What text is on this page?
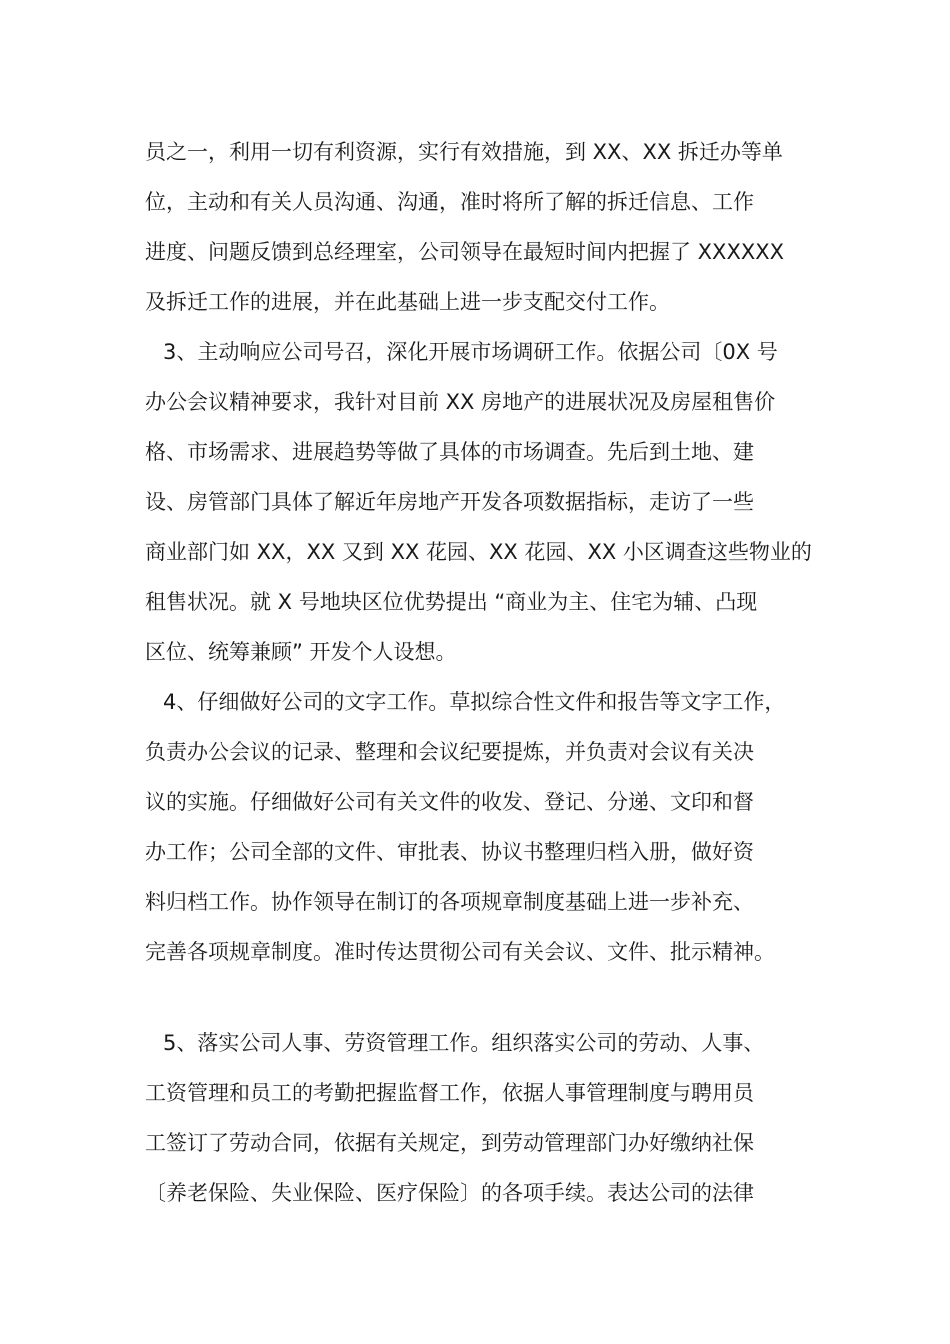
员之一，利用一切有利资源，实行有效措施，到 XX、XX 拆迁办等单
位，主动和有关人员沟通、沟通，准时将所了解的拆迁信息、工作
进度、问题反馈到总经理室，公司领导在最短时间内把握了 XXXXXX
及拆迁工作的进展，并在此基础上进一步支配交付工作。
3、主动响应公司号召，深化开展市场调研工作。依据公司〔0X 号
办公会议精神要求，我针对目前 XX 房地产的进展状况及房屋租售价
格、市场需求、进展趋势等做了具体的市场调查。先后到土地、建
设、房管部门具体了解近年房地产开发各项数据指标，走访了一些
商业部门如 XX，XX 又到 XX 花园、XX 花园、XX 小区调查这些物业的
租售状况。就 X 号地块区位优势提出 “商业为主、住宅为辅、凸现
区位、统筹兼顾” 开发个人设想。
4、仔细做好公司的文字工作。草拟综合性文件和报告等文字工作，
负责办公会议的记录、整理和会议纪要提炼，并负责对会议有关决
议的实施。仔细做好公司有关文件的收发、登记、分递、文印和督
办工作；公司全部的文件、审批表、协议书整理归档入册，做好资
料归档工作。协作领导在制订的各项规章制度基础上进一步补充、
完善各项规章制度。准时传达贯彻公司有关会议、文件、批示精神。
5、落实公司人事、劳资管理工作。组织落实公司的劳动、人事、
工资管理和员工的考勤把握监督工作，依据人事管理制度与聘用员
工签订了劳动合同，依据有关规定，到劳动管理部门办好缴纳社保
〔养老保险、失业保险、医疗保险〕的各项手续。表达公司的法律
